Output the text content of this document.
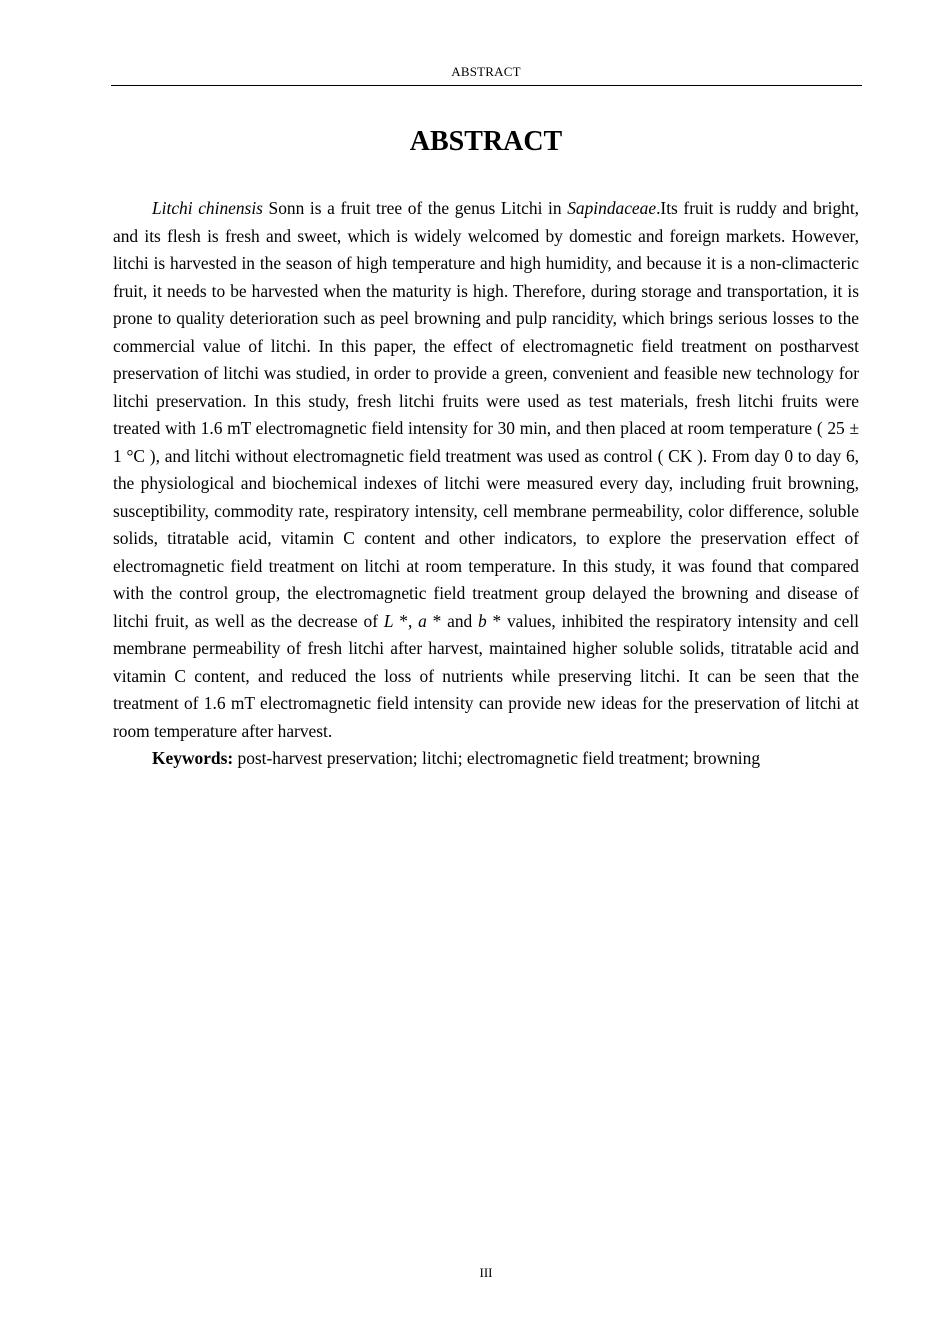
ABSTRACT
ABSTRACT

Litchi chinensis Sonn is a fruit tree of the genus Litchi in Sapindaceae.Its fruit is ruddy and bright, and its flesh is fresh and sweet, which is widely welcomed by domestic and foreign markets. However, litchi is harvested in the season of high temperature and high humidity, and because it is a non-climacteric fruit, it needs to be harvested when the maturity is high. Therefore, during storage and transportation, it is prone to quality deterioration such as peel browning and pulp rancidity, which brings serious losses to the commercial value of litchi. In this paper, the effect of electromagnetic field treatment on postharvest preservation of litchi was studied, in order to provide a green, convenient and feasible new technology for litchi preservation. In this study, fresh litchi fruits were used as test materials, fresh litchi fruits were treated with 1.6 mT electromagnetic field intensity for 30 min, and then placed at room temperature ( 25 ± 1 °C ), and litchi without electromagnetic field treatment was used as control ( CK ). From day 0 to day 6, the physiological and biochemical indexes of litchi were measured every day, including fruit browning, susceptibility, commodity rate, respiratory intensity, cell membrane permeability, color difference, soluble solids, titratable acid, vitamin C content and other indicators, to explore the preservation effect of electromagnetic field treatment on litchi at room temperature. In this study, it was found that compared with the control group, the electromagnetic field treatment group delayed the browning and disease of litchi fruit, as well as the decrease of L *, a * and b * values, inhibited the respiratory intensity and cell membrane permeability of fresh litchi after harvest, maintained higher soluble solids, titratable acid and vitamin C content, and reduced the loss of nutrients while preserving litchi. It can be seen that the treatment of 1.6 mT electromagnetic field intensity can provide new ideas for the preservation of litchi at room temperature after harvest.

Keywords: post-harvest preservation; litchi; electromagnetic field treatment; browning

III
